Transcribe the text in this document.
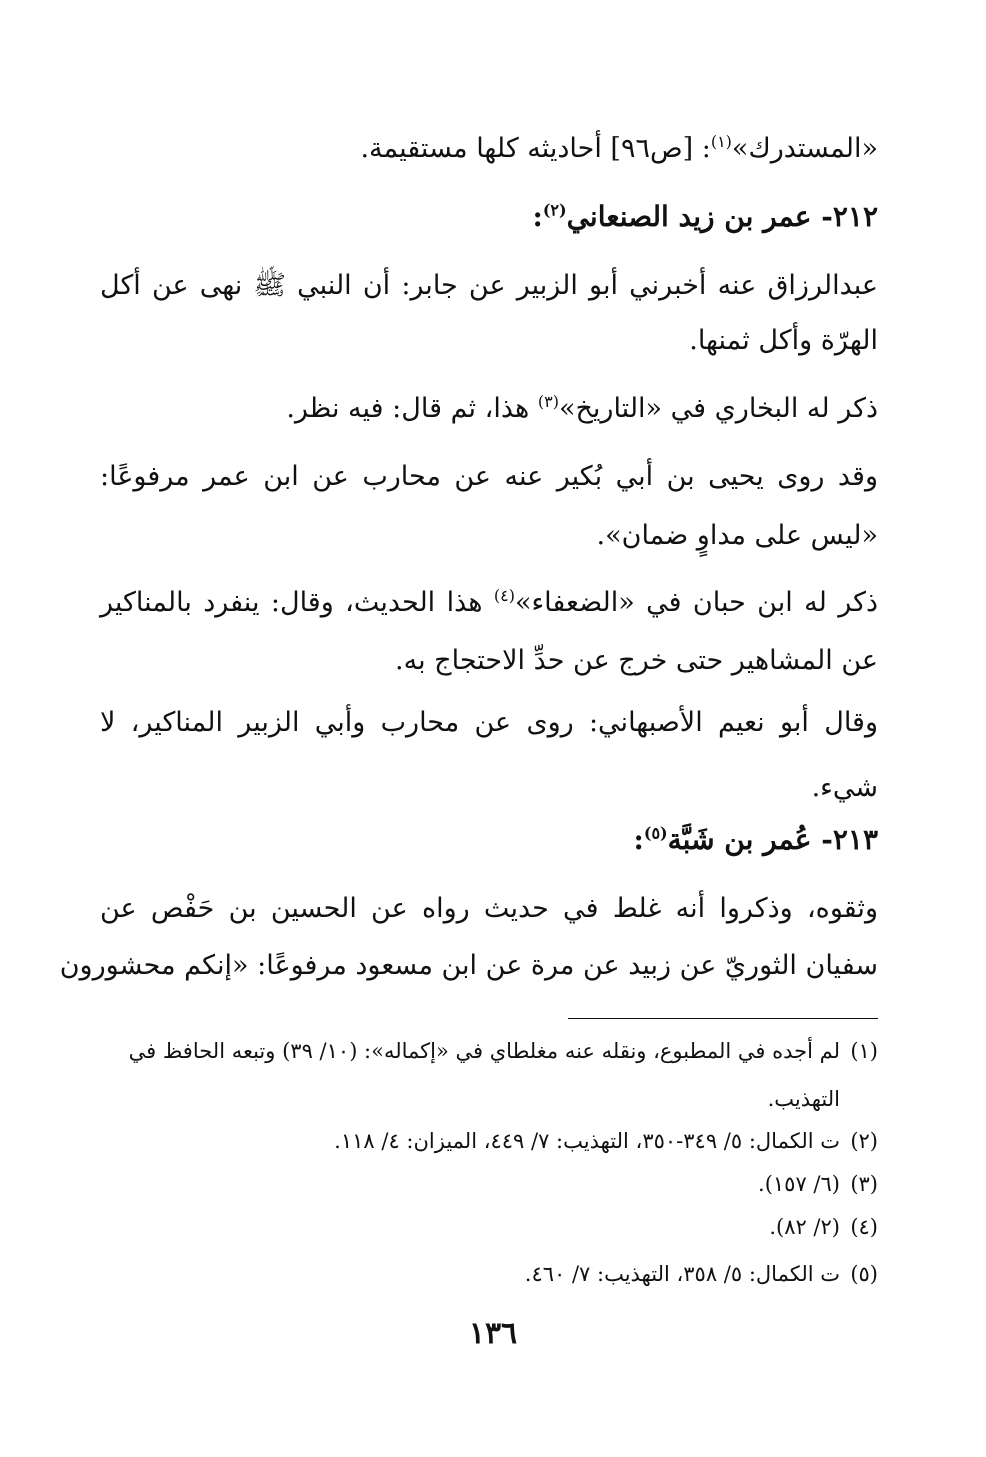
«المستدرك»$^{(١)}$: [ص٩٦] أحاديثه كلها مستقيمة.
٢١٢- عمر بن زيد الصنعاني$^{(٢)}$:
عبدالرزاق عنه أخبرني أبو الزبير عن جابر: أن النبي ﷺ نهى عن أكل
الهرّة وأكل ثمنها.
ذكر له البخاري في «التاريخ»$^{(٣)}$ هذا، ثم قال: فيه نظر.
وقد روى يحيى بن أبي بُكير عنه عن محارب عن ابن عمر مرفوعًا:
«ليس على مداوٍ ضمان».
ذكر له ابن حبان في «الضعفاء»$^{(٤)}$ هذا الحديث، وقال: ينفرد بالمناكير
عن المشاهير حتى خرج عن حدِّ الاحتجاج به.
وقال أبو نعيم الأصبهاني: روى عن محارب وأبي الزبير المناكير، لا
شيء.
٢١٣- عُمر بن شَبَّة$^{(٥)}$:
وثقوه، وذكروا أنه غلط في حديث رواه عن الحسين بن حَفْص عن
سفيان الثوريّ عن زبيد عن مرة عن ابن مسعود مرفوعًا: «إنكم محشورون
(١)لم أجده في المطبوع، ونقله عنه مغلطاي في «إكماله»: (١٠/ ٣٩) وتبعه الحافظ في
التهذيب.
(٢)ت الكمال: ٥/ ٣٤٩-٣٥٠، التهذيب: ٧/ ٤٤٩، الميزان: ٤/ ١١٨.
(٣)(٦/ ١٥٧).
(٤)(٢/ ٨٢).
(٥)ت الكمال: ٥/ ٣٥٨، التهذيب: ٧/ ٤٦٠.
١٣٦
